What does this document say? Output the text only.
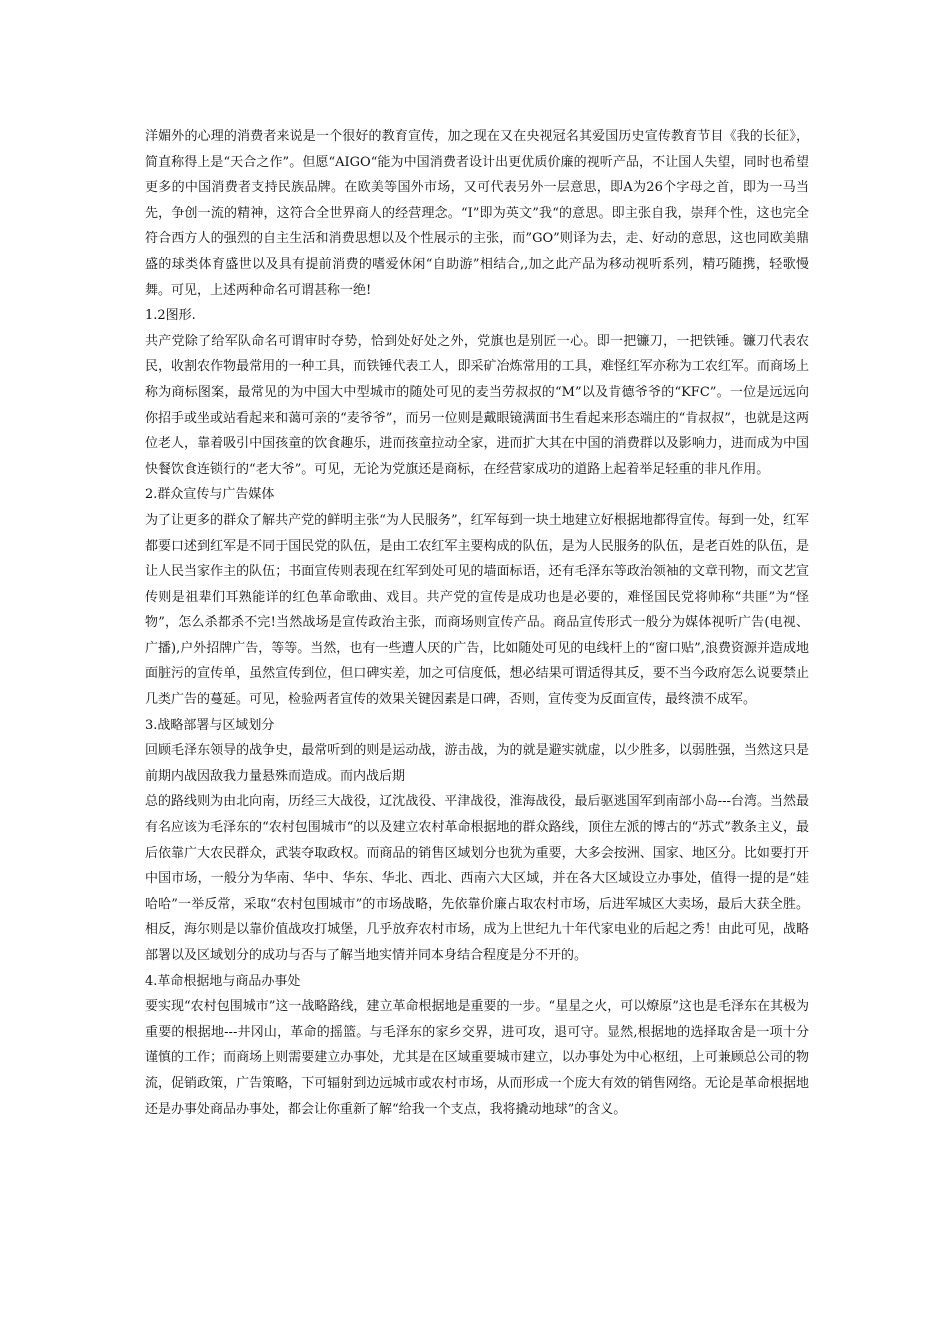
洋媚外的心理的消费者来说是一个很好的教育宣传，加之现在又在央视冠名其爱国历史宣传教育节目《我的长征》，简直称得上是“天合之作”。但愿“AIGO“能为中国消费者设计出更优质价廉的视听产品，不让国人失望，同时也希望更多的中国消费者支持民族品牌。在欧美等国外市场，又可代表另外一层意思，即A为26个字母之首，即为一马当先，争创一流的精神，这符合全世界商人的经营理念。“I”即为英文”我“的意思。即主张自我，崇拜个性，这也完全符合西方人的强烈的自主生活和消费思想以及个性展示的主张，而”GO”则译为去，走、好动的意思，这也同欧美鼎盛的球类体育盛世以及具有提前消费的嗜爱休闲“自助游”相结合,,加之此产品为移动视听系列，精巧随携，轻歌慢舞。可见，上述两种命名可谓甚称一绝!

1.2图形.

共产党除了给军队命名可谓审时夺势，恰到处好处之外，党旗也是别匠一心。即一把镰刀，一把铁锤。镰刀代表农民，收割农作物最常用的一种工具，而铁锤代表工人，即采矿冶炼常用的工具，难怪红军亦称为工农红军。而商场上称为商标图案，最常见的为中国大中型城市的随处可见的麦当劳叔叔的“M”以及肯德爷爷的“KFC”。一位是远远向你招手或坐或站看起来和蔼可亲的“麦爷爷”，而另一位则是戴眼镜满面书生看起来形态端庄的“肯叔叔”，也就是这两位老人，靠着吸引中国孩童的饮食趣乐，进而孩童拉动全家，进而扩大其在中国的消费群以及影响力，进而成为中国快餐饮食连锁行的“老大爷”。可见，无论为党旗还是商标，在经营家成功的道路上起着举足轻重的非凡作用。

2.群众宣传与广告媒体

为了让更多的群众了解共产党的鲜明主张“为人民服务”，红军每到一块土地建立好根据地都得宣传。每到一处，红军都要口述到红军是不同于国民党的队伍，是由工农红军主要构成的队伍，是为人民服务的队伍，是老百姓的队伍，是让人民当家作主的队伍；书面宣传则表现在红军到处可见的墙面标语，还有毛泽东等政治领袖的文章刊物，而文艺宣传则是祖辈们耳熟能详的红色革命歌曲、戏目。共产党的宣传是成功也是必要的，难怪国民党将帅称“共匪”为“怪物”，怎么杀都杀不完!当然战场是宣传政治主张，而商场则宣传产品。商品宣传形式一般分为媒体视听广告(电视、广播),户外招牌广告，等等。当然，也有一些遭人厌的广告，比如随处可见的电线杆上的“窗口贴”,浪费资源并造成地面脏污的宣传单，虽然宣传到位，但口碑实差，加之可信度低，想必结果可谓适得其反，要不当今政府怎么说要禁止几类广告的蔓延。可见，检验两者宣传的效果关键因素是口碑，否则，宣传变为反面宣传，最终溃不成军。

3.战略部署与区域划分

回顾毛泽东领导的战争史，最常听到的则是运动战，游击战，为的就是避实就虚，以少胜多，以弱胜强，当然这只是前期内战因敌我力量悬殊而造成。而内战后期

总的路线则为由北向南，历经三大战役，辽沈战役、平津战役，淮海战役，最后驱逃国军到南部小岛---台湾。当然最有名应该为毛泽东的“农村包围城市“的以及建立农村革命根据地的群众路线，顶住左派的博古的“苏式”教条主义，最后依靠广大农民群众，武装夺取政权。而商品的销售区域划分也犹为重要，大多会按洲、国家、地区分。比如要打开中国市场，一般分为华南、华中、华东、华北、西北、西南六大区域，并在各大区域设立办事处，值得一提的是“娃哈哈”一举反常，采取“农村包围城市”的市场战略，先依靠价廉占取农村市场，后进军城区大卖场，最后大获全胜。相反，海尔则是以靠价值战攻打城堡，几乎放弃农村市场，成为上世纪九十年代家电业的后起之秀！由此可见，战略部署以及区域划分的成功与否与了解当地实情并同本身结合程度是分不开的。

4.革命根据地与商品办事处

要实现“农村包围城市”这一战略路线，建立革命根据地是重要的一步。“星星之火，可以燎原”这也是毛泽东在其极为重要的根据地---井冈山，革命的摇篮。与毛泽东的家乡交界，进可攻，退可守。显然,根据地的选择取舍是一项十分谨慎的工作；而商场上则需要建立办事处，尤其是在区域重要城市建立，以办事处为中心枢纽，上可兼顾总公司的物流，促销政策，广告策略，下可辐射到边远城市或农村市场，从而形成一个庞大有效的销售网络。无论是革命根据地还是办事处商品办事处，都会让你重新了解“给我一个支点，我将撬动地球”的含义。
